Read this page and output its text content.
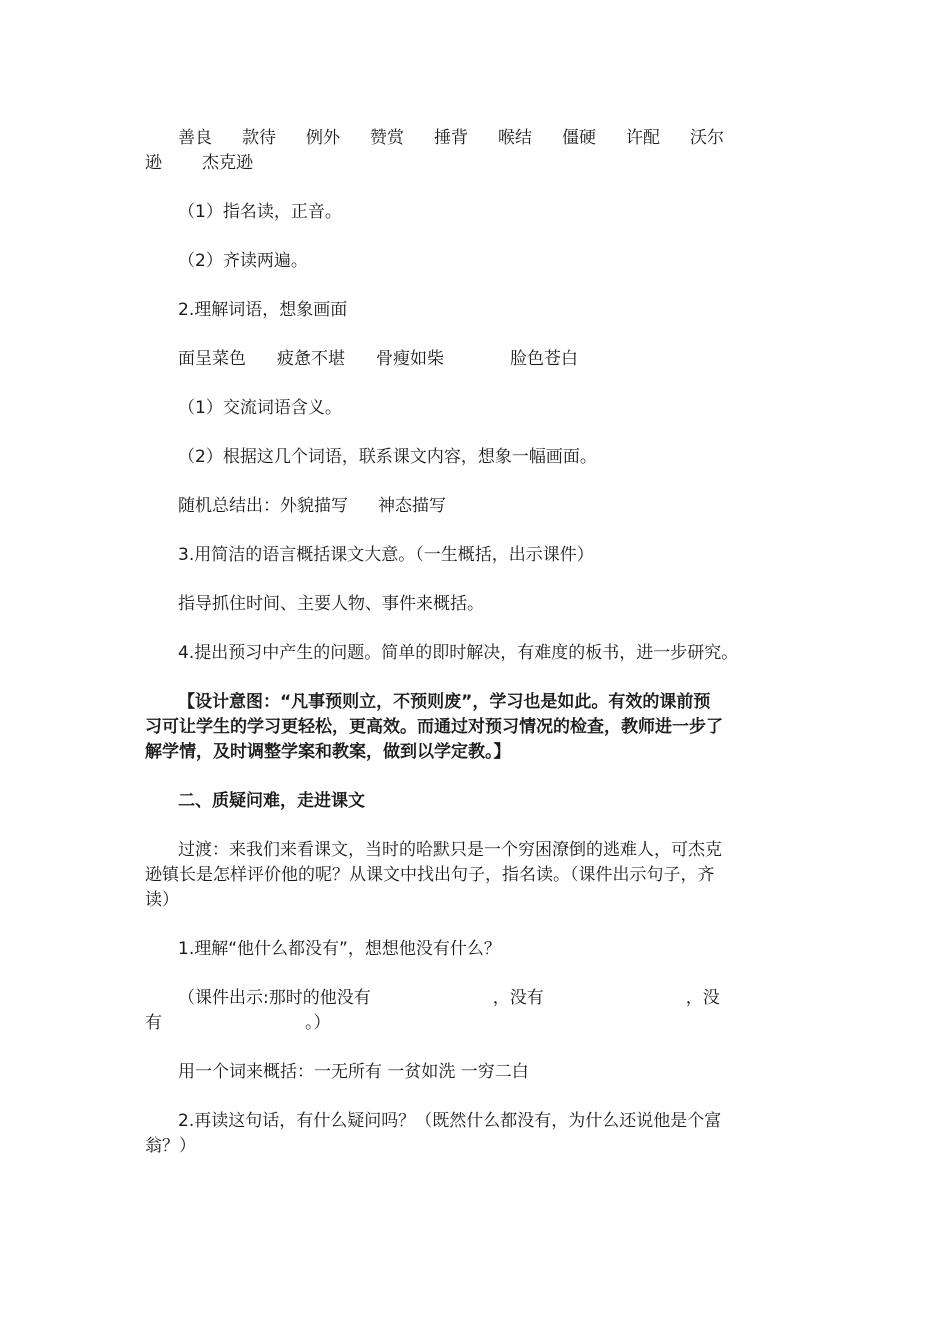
善良 款待 例外 赞赏 捶背 喉结 僵硬 许配 沃尔

逊 杰克逊

（1）指名读，正音。

（2）齐读两遍。

2.理解词语，想象画面

面呈菜色 疲惫不堪 骨瘦如柴	脸色苍白

（1）交流词语含义。

（2）根据这几个词语，联系课文内容，想象一幅画面。

随机总结出：外貌描写 神态描写

3.用简洁的语言概括课文大意。（一生概括，出示课件）

指导抓住时间、主要人物、事件来概括。

4.提出预习中产生的问题。简单的即时解决，有难度的板书，进一步研究。

【设计意图：“凡事预则立，不预则废”，学习也是如此。有效的课前预

习可让学生的学习更轻松，更高效。而通过对预习情况的检查，教师进一步了

解学情，及时调整学案和教案，做到以学定教。】

二、质疑问难，走进课文

过渡：来我们来看课文，当时的哈默只是一个穷困潦倒的逃难人，可杰克

逊镇长是怎样评价他的呢？从课文中找出句子，指名读。（课件出示句子，齐

读）

1.理解“他什么都没有”，想想他没有什么？

（课件出示:那时的他没有	，没有	，没

有	。）

用一个词来概括：一无所有 一贫如洗 一穷二白

2.再读这句话，有什么疑问吗？（既然什么都没有，为什么还说他是个富

翁？）
